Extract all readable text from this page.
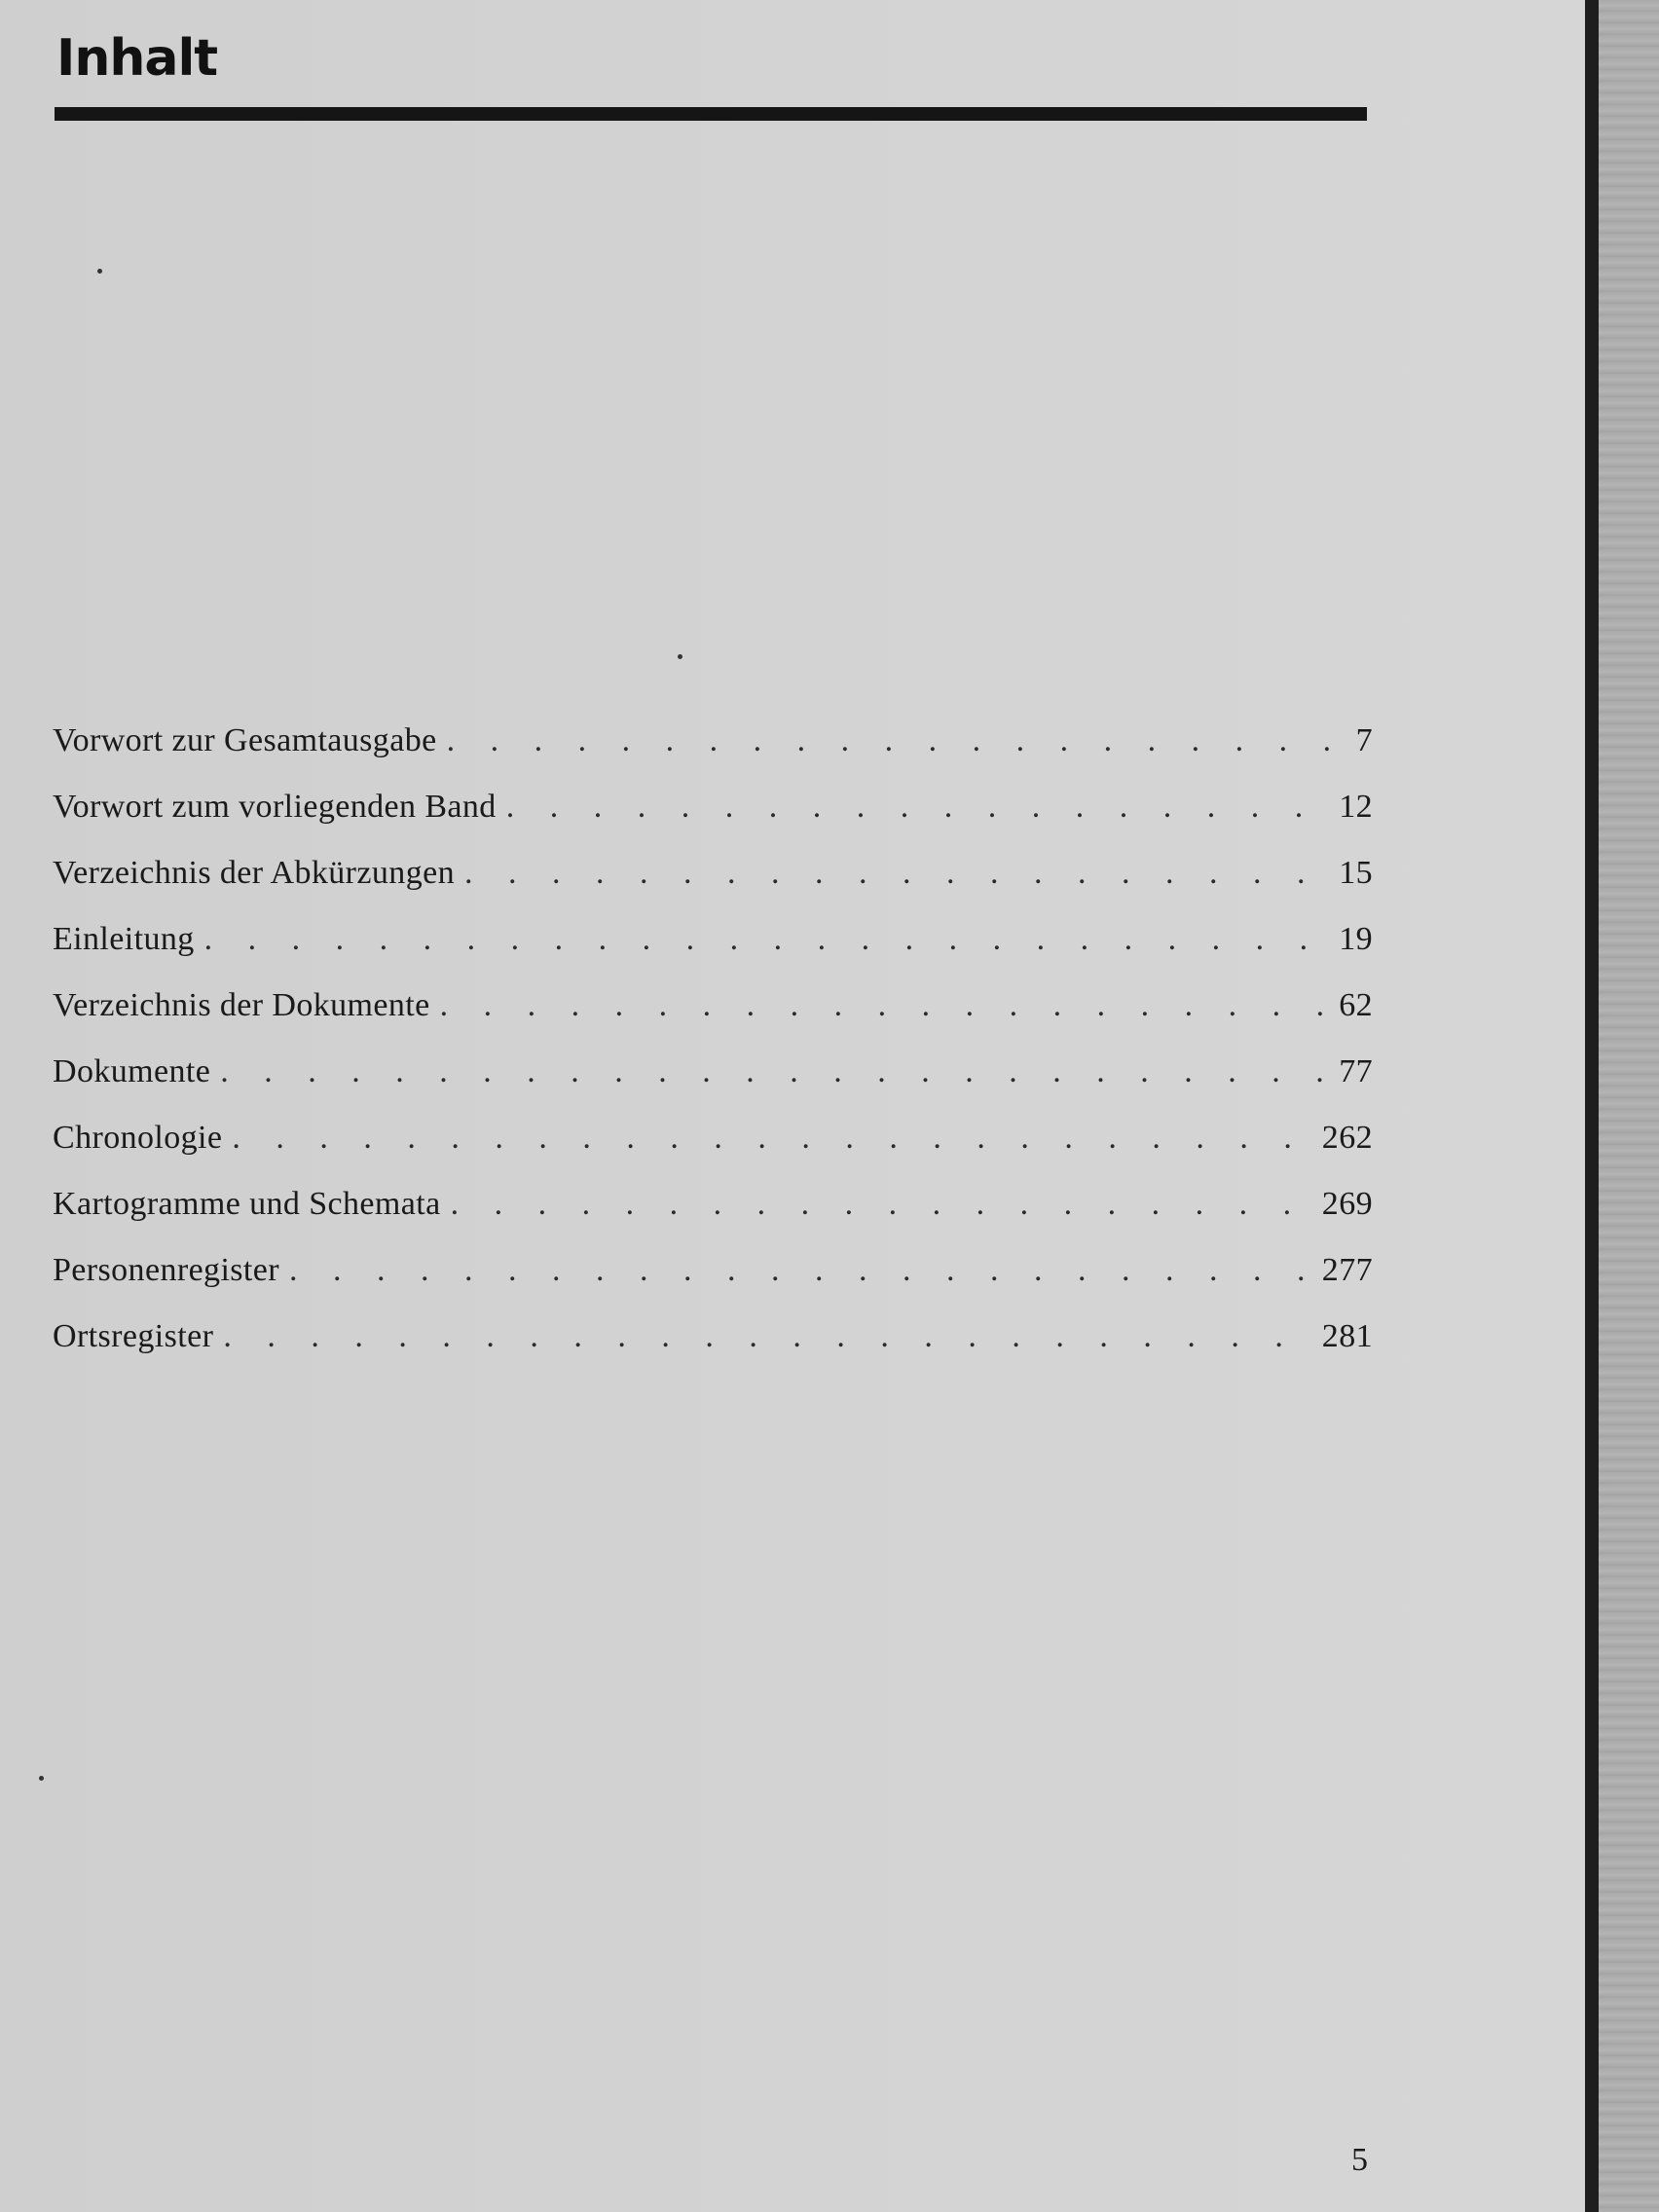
Inhalt
Vorwort zur Gesamtausgabe . . .	7
Vorwort zum vorliegenden Band . . .	12
Verzeichnis der Abkürzungen . . .	15
Einleitung . . .	19
Verzeichnis der Dokumente . . .	62
Dokumente . . .	77
Chronologie . . .	262
Kartogramme und Schemata . . .	269
Personenregister . . .	277
Ortsregister . . .	281
5
